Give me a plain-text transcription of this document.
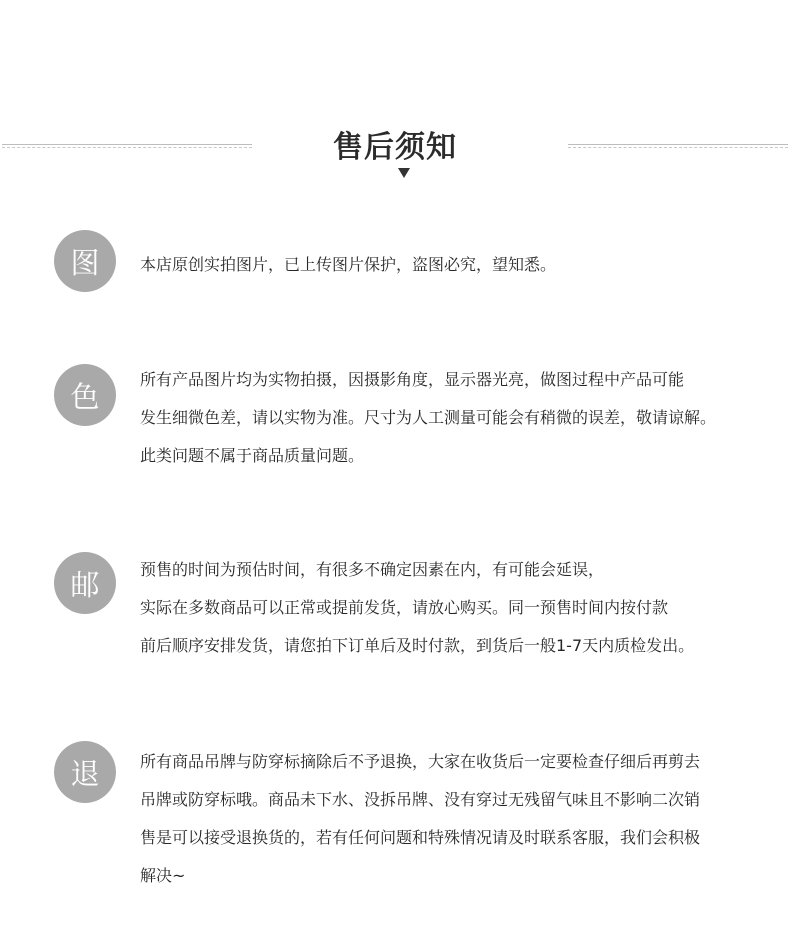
售后须知
图	本店原创实拍图片，已上传图片保护，盗图必究，望知悉。
色	所有产品图片均为实物拍摄，因摄影角度，显示器光亮，做图过程中产品可能
发生细微色差，请以实物为准。尺寸为人工测量可能会有稍微的误差，敬请谅解。
此类问题不属于商品质量问题。
邮	预售的时间为预估时间，有很多不确定因素在内，有可能会延误，
实际在多数商品可以正常或提前发货，请放心购买。同一预售时间内按付款
前后顺序安排发货，请您拍下订单后及时付款，到货后一般1-7天内质检发出。
退	所有商品吊牌与防穿标摘除后不予退换，大家在收货后一定要检查仔细后再剪去
吊牌或防穿标哦。商品未下水、没拆吊牌、没有穿过无残留气味且不影响二次销
售是可以接受退换货的，若有任何问题和特殊情况请及时联系客服，我们会积极
解决~
